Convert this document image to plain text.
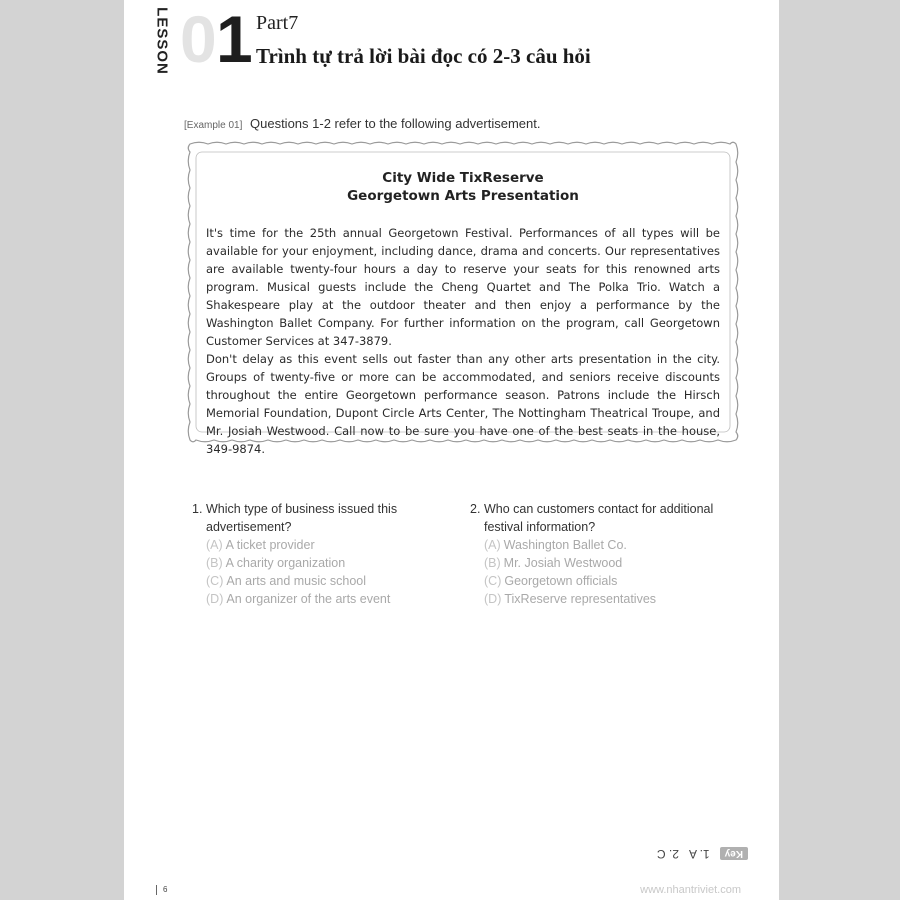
LESSON 0 1 Part7
Trình tự trả lời bài đọc có 2-3 câu hỏi
[Example 01] Questions 1-2 refer to the following advertisement.
City Wide TixReserve
Georgetown Arts Presentation

It's time for the 25th annual Georgetown Festival. Performances of all types will be available for your enjoyment, including dance, drama and concerts. Our representatives are available twenty-four hours a day to reserve your seats for this renowned arts program. Musical guests include the Cheng Quartet and The Polka Trio. Watch a Shakespeare play at the outdoor theater and then enjoy a performance by the Washington Ballet Company. For further information on the program, call Georgetown Customer Services at 347-3879.

Don't delay as this event sells out faster than any other arts presentation in the city. Groups of twenty-five or more can be accommodated, and seniors receive discounts throughout the entire Georgetown performance season. Patrons include the Hirsch Memorial Foundation, Dupont Circle Arts Center, The Nottingham Theatrical Troupe, and Mr. Josiah Westwood. Call now to be sure you have one of the best seats in the house, 349-9874.

1. Which type of business issued this advertisement?
(A) A ticket provider
(B) A charity organization
(C) An arts and music school
(D) An organizer of the arts event
2. Who can customers contact for additional festival information?
(A) Washington Ballet Co.
(B) Mr. Josiah Westwood
(C) Georgetown officials
(D) TixReserve representatives
Key
1. A
2. C
6	www.nhantriviet.com
